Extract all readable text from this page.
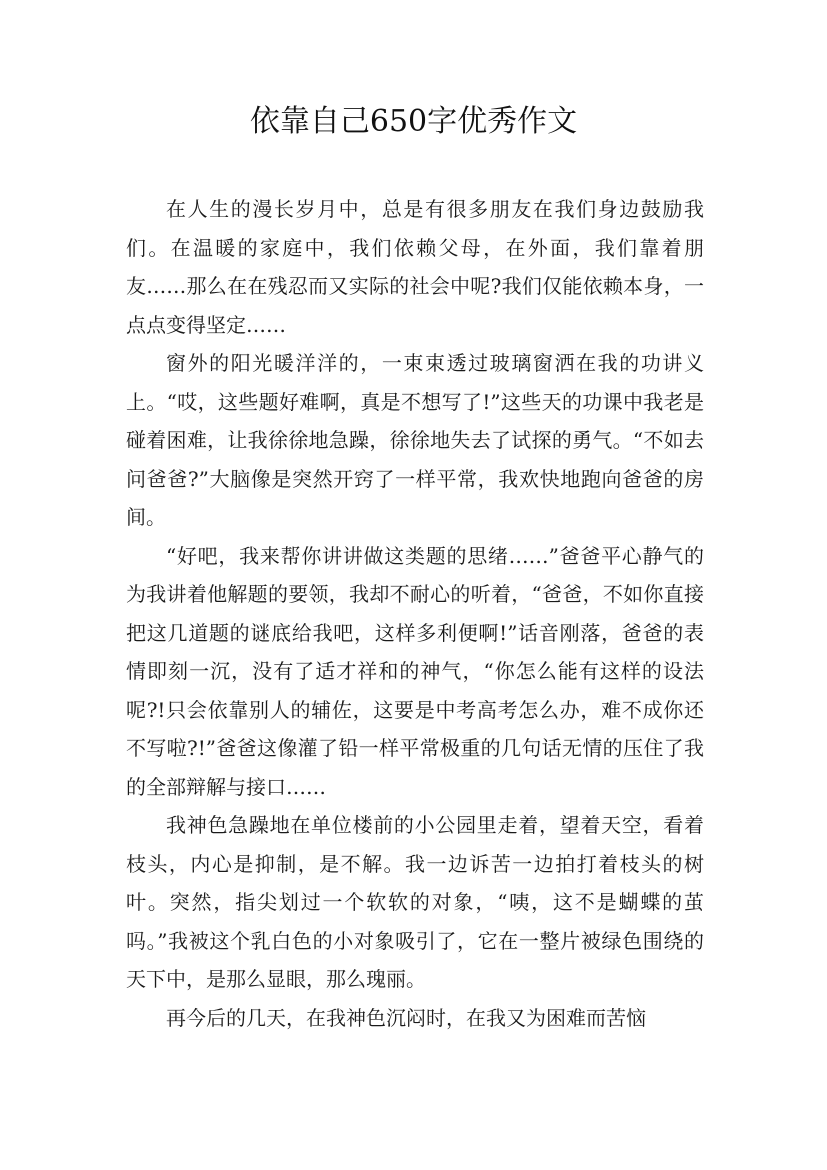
依靠自己650字优秀作文

在人生的漫长岁月中，总是有很多朋友在我们身边鼓励我们。在温暖的家庭中，我们依赖父母，在外面，我们靠着朋友……那么在在残忍而又实际的社会中呢?我们仅能依赖本身，一点点变得坚定……

窗外的阳光暖洋洋的，一束束透过玻璃窗洒在我的功讲义上。“哎，这些题好难啊，真是不想写了!”这些天的功课中我老是碰着困难，让我徐徐地急躁，徐徐地失去了试探的勇气。“不如去问爸爸?”大脑像是突然开窍了一样平常，我欢快地跑向爸爸的房间。

“好吧，我来帮你讲讲做这类题的思绪……”爸爸平心静气的为我讲着他解题的要领，我却不耐心的听着，“爸爸，不如你直接把这几道题的谜底给我吧，这样多利便啊!”话音刚落，爸爸的表情即刻一沉，没有了适才祥和的神气，“你怎么能有这样的设法呢?!只会依靠别人的辅佐，这要是中考高考怎么办，难不成你还不写啦?!”爸爸这像灌了铅一样平常极重的几句话无情的压住了我的全部辩解与接口……

我神色急躁地在单位楼前的小公园里走着，望着天空，看着枝头，内心是抑制，是不解。我一边诉苦一边拍打着枝头的树叶。突然，指尖划过一个软软的对象，“咦，这不是蝴蝶的茧吗。”我被这个乳白色的小对象吸引了，它在一整片被绿色围绕的天下中，是那么显眼，那么瑰丽。

再今后的几天，在我神色沉闷时，在我又为困难而苦恼
